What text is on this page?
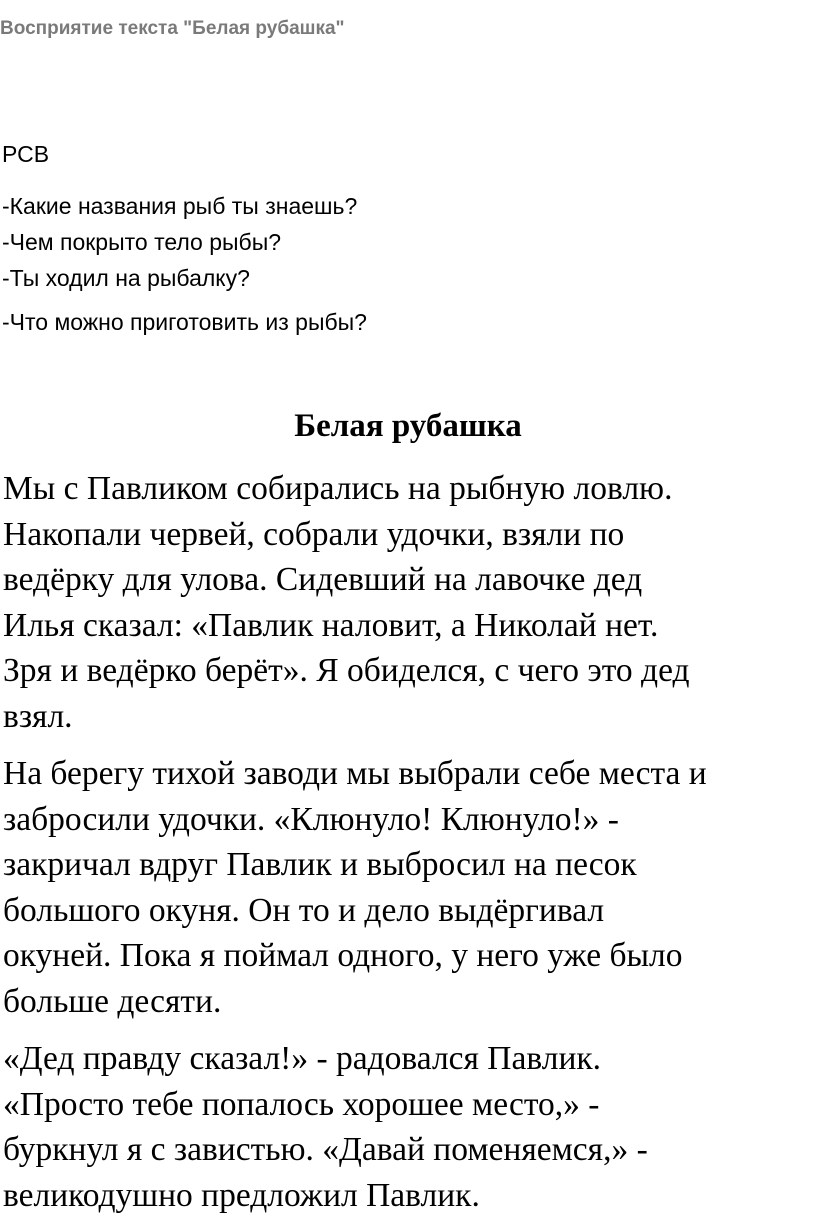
Восприятие текста "Белая рубашка"
РСВ
-Какие названия рыб ты знаешь?
-Чем покрыто тело рыбы?
-Ты ходил на рыбалку?
-Что можно приготовить из рыбы?
Белая рубашка
Мы с Павликом собирались на рыбную ловлю.
Накопали червей, собрали удочки, взяли по
ведёрку для улова. Сидевший на лавочке дед
Илья сказал: «Павлик наловит, а Николай нет.
Зря и ведёрко берёт». Я обиделся, с чего это дед
взял.
На берегу тихой заводи мы выбрали себе места и
забросили удочки. «Клюнуло! Клюнуло!» -
закричал вдруг Павлик и выбросил на песок
большого окуня. Он то и дело выдёргивал
окуней. Пока я поймал одного, у него уже было
больше десяти.
«Дед правду сказал!» - радовался Павлик.
«Просто тебе попалось хорошее место,» -
буркнул я с завистью. «Давай поменяемся,» -
великодушно предложил Павлик.
